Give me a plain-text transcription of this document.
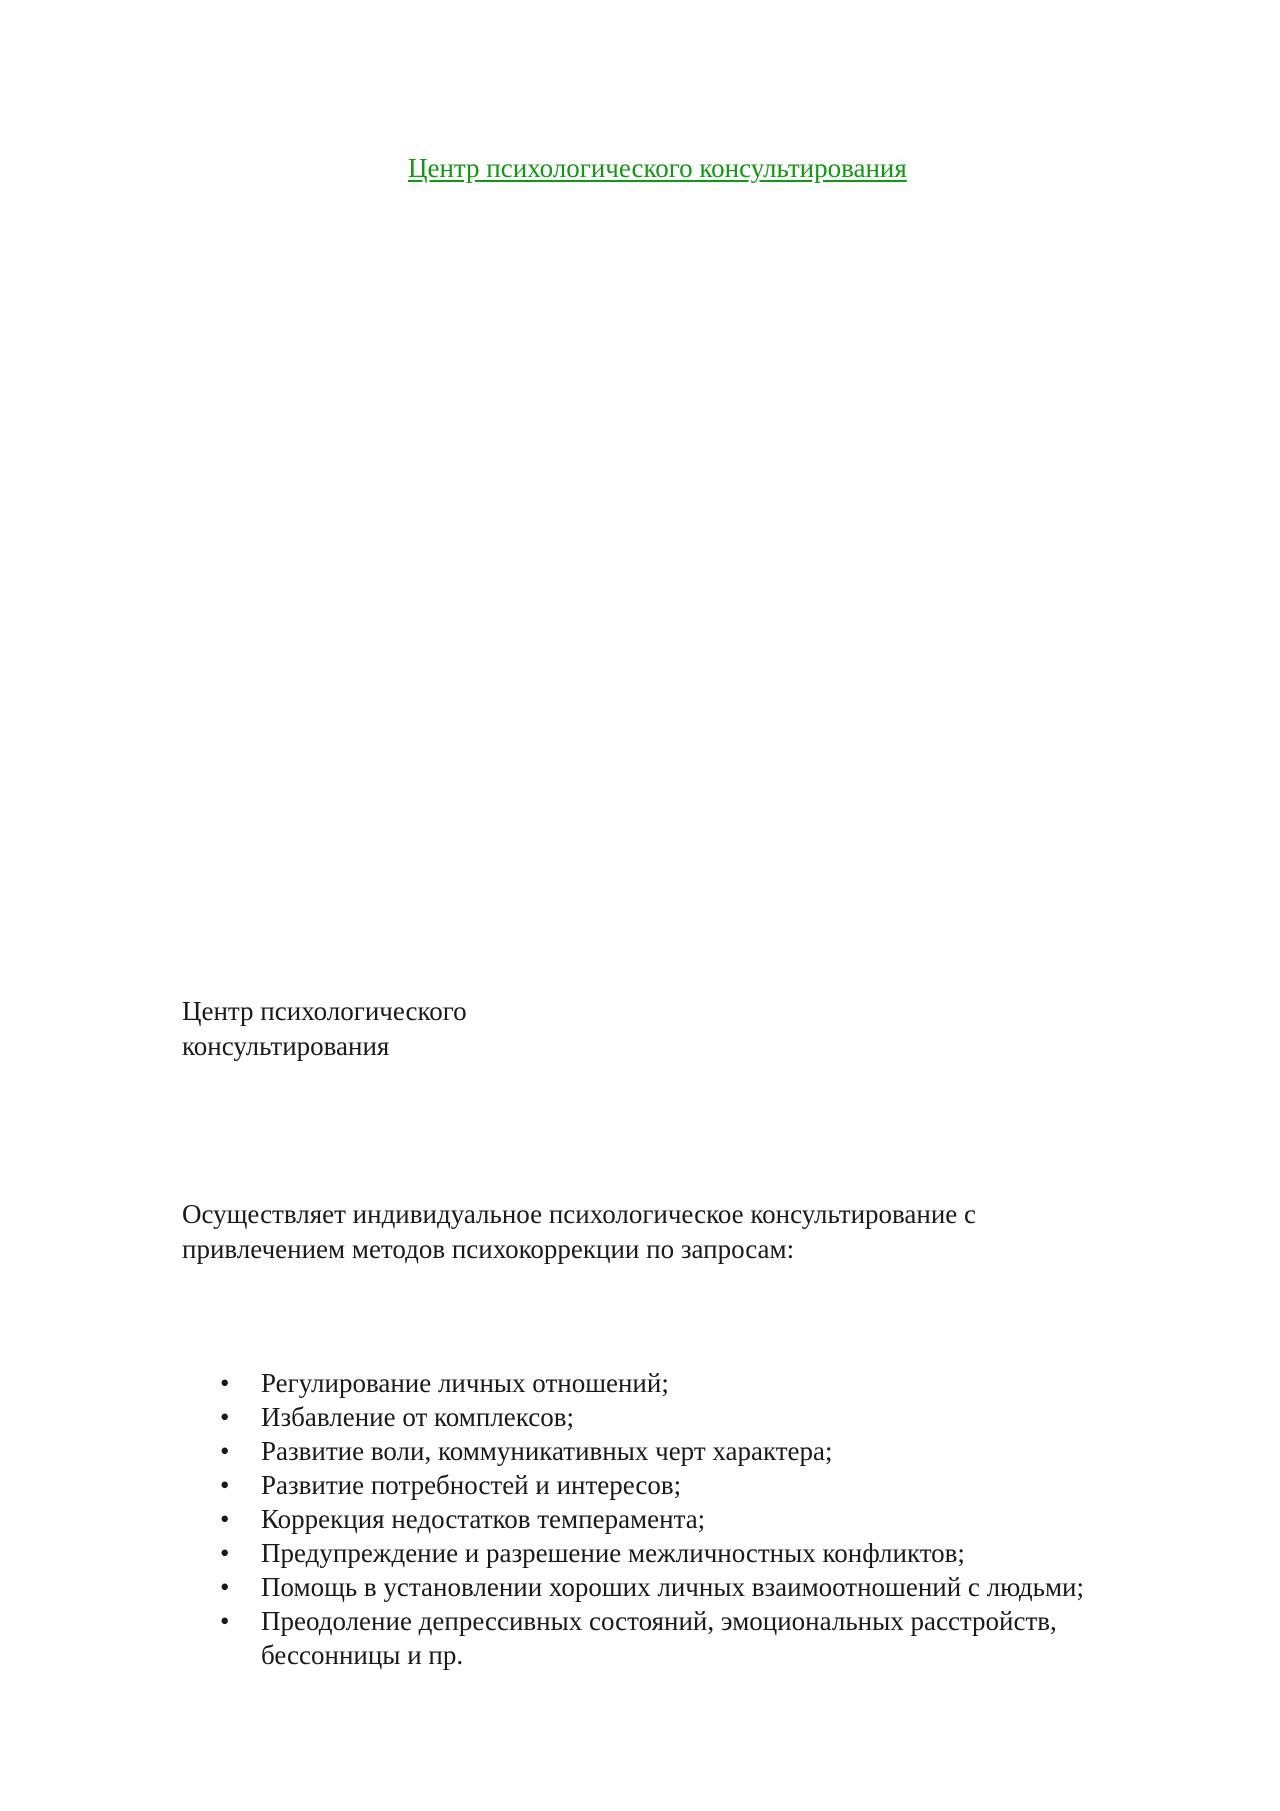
Центр психологического консультирования
Центр психологического
консультирования
Осуществляет индивидуальное психологическое консультирование с
привлечением методов психокоррекции по запросам:
• Регулирование личных отношений;
• Избавление от комплексов;
• Развитие воли, коммуникативных черт характера;
• Развитие потребностей и интересов;
• Коррекция недостатков темперамента;
• Предупреждение и разрешение межличностных конфликтов;
• Помощь в установлении хороших личных взаимоотношений с людьми;
• Преодоление депрессивных состояний, эмоциональных расстройств,
бессонницы и пр.
